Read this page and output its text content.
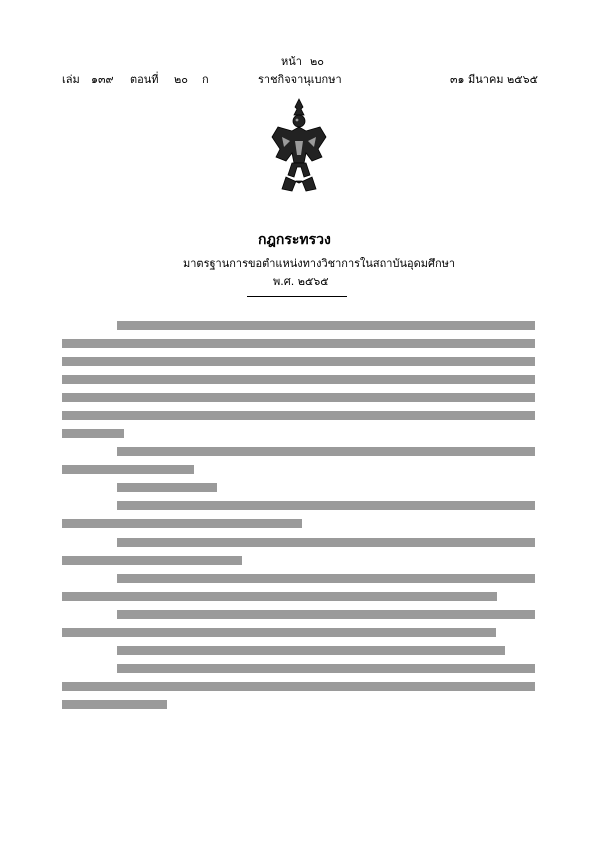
หน้า ๒๐
เล่ม ๑๓๙ ตอนที่ ๒๐ ก	ราชกิจจานุเบกษา	๓๑ มีนาคม ๒๕๖๕
กฎกระทรวง
มาตรฐานการขอตำแหน่งทางวิชาการในสถาบันอุดมศึกษา
พ.ศ. ๒๕๖๕
